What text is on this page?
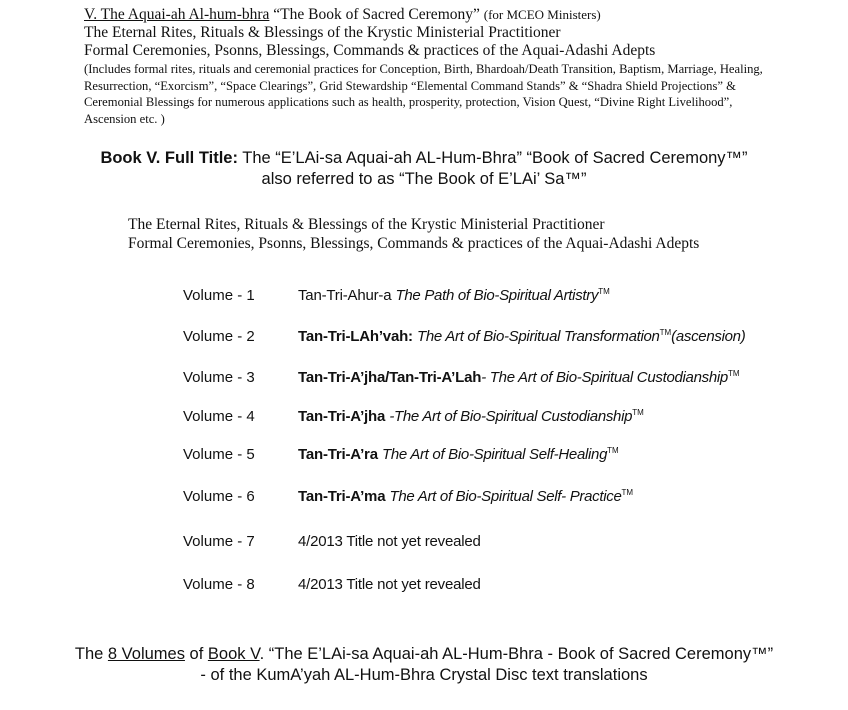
V. The Aquai-ah Al-hum-bhra “The Book of Sacred Ceremony” (for MCEO Ministers)
The Eternal Rites, Rituals & Blessings of the Krystic Ministerial Practitioner
Formal Ceremonies, Psonns, Blessings, Commands & practices of the Aquai-Adashi Adepts
(Includes formal rites, rituals and ceremonial practices for Conception, Birth, Bhardoah/Death Transition, Baptism, Marriage, Healing, Resurrection, “Exorcism”, “Space Clearings”, Grid Stewardship “Elemental Command Stands” & “Shadra Shield Projections” & Ceremonial Blessings for numerous applications such as health, prosperity, protection, Vision Quest, “Divine Right Livelihood”, Ascension etc. )
Book V. Full Title: The “E’LAi-sa Aquai-ah AL-Hum-Bhra” “Book of Sacred Ceremony™”
also referred to as “The Book of E’LAi’ Sa™”
The Eternal Rites, Rituals & Blessings of the Krystic Ministerial Practitioner
Formal Ceremonies, Psonns, Blessings, Commands & practices of the Aquai-Adashi Adepts
Volume - 1	Tan-Tri-Ahur-a The Path of Bio-Spiritual Artistry™
Volume - 2	Tan-Tri-LAh’vah: The Art of Bio-Spiritual Transformation™(ascension)
Volume - 3	Tan-Tri-A’jha/Tan-Tri-A’Lah- The Art of Bio-Spiritual Custodianship™
Volume - 4	Tan-Tri-A’jha -The Art of Bio-Spiritual Custodianship™
Volume - 5	Tan-Tri-A’ra The Art of Bio-Spiritual Self-Healing™
Volume - 6	Tan-Tri-A’ma The Art of Bio-Spiritual Self- Practice™
Volume - 7	4/2013 Title not yet revealed
Volume - 8	4/2013 Title not yet revealed
The 8 Volumes of Book V. “The E’LAi-sa Aquai-ah AL-Hum-Bhra - Book of Sacred Ceremony™”
- of the KumA’yah AL-Hum-Bhra Crystal Disc text translations
